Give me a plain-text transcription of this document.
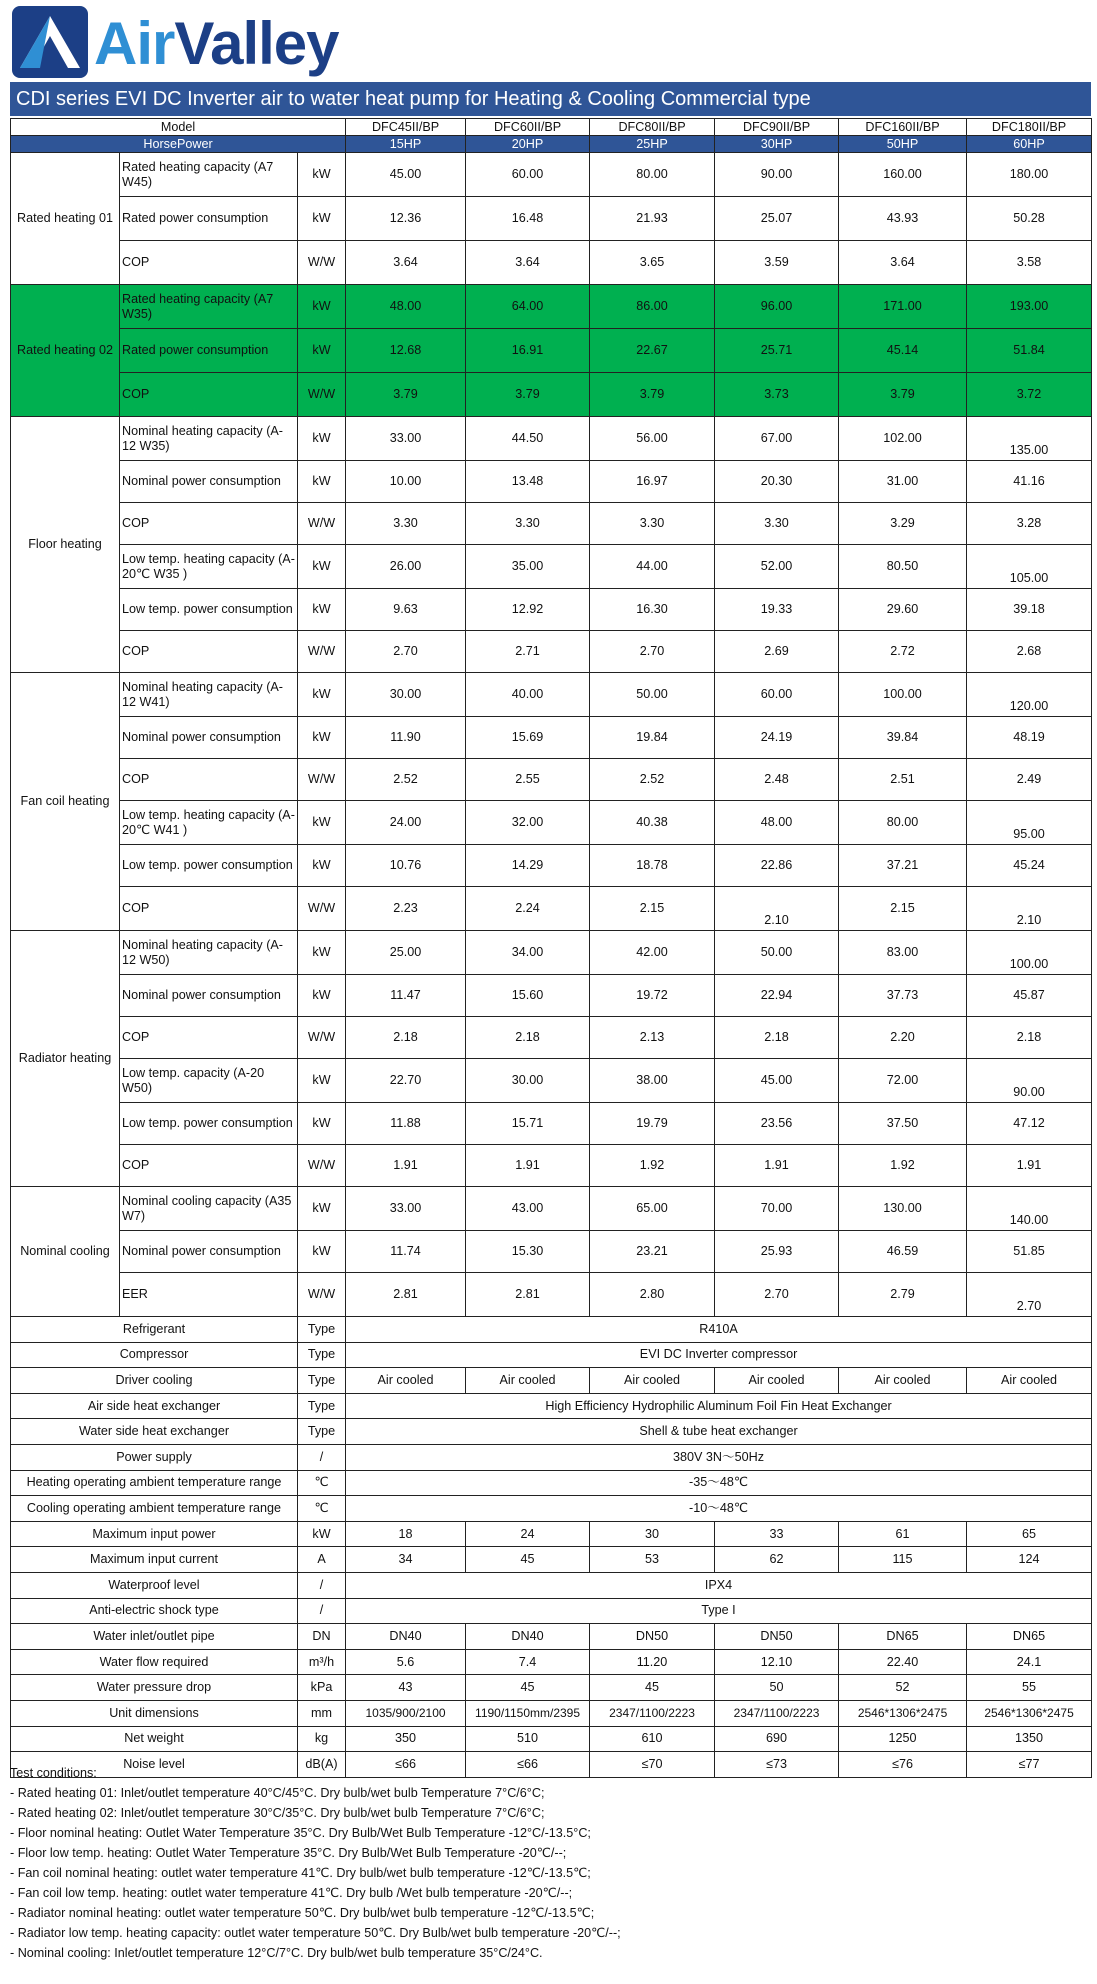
AirValley
CDI series EVI DC Inverter air to water heat pump for Heating & Cooling Commercial type
Model			DFC45II/BP	DFC60II/BP	DFC80II/BP	DFC90II/BP	DFC160II/BP	DFC180II/BP
HorsePower			15HP	20HP	25HP	30HP	50HP	60HP
Rated heating 01	Rated heating capacity (A7 W45)	kW	45.00	60.00	80.00	90.00	160.00	180.00
	Rated power consumption	kW	12.36	16.48	21.93	25.07	43.93	50.28
	COP	W/W	3.64	3.64	3.65	3.59	3.64	3.58
Rated heating 02	Rated heating capacity (A7 W35)	kW	48.00	64.00	86.00	96.00	171.00	193.00
	Rated power consumption	kW	12.68	16.91	22.67	25.71	45.14	51.84
	COP	W/W	3.79	3.79	3.79	3.73	3.79	3.72
Floor heating	Nominal heating capacity (A-12 W35)	kW	33.00	44.50	56.00	67.00	102.00	135.00
	Nominal power consumption	kW	10.00	13.48	16.97	20.30	31.00	41.16
	COP	W/W	3.30	3.30	3.30	3.30	3.29	3.28
	Low temp. heating capacity (A-20℃ W35 )	kW	26.00	35.00	44.00	52.00	80.50	105.00
	Low temp. power consumption	kW	9.63	12.92	16.30	19.33	29.60	39.18
	COP	W/W	2.70	2.71	2.70	2.69	2.72	2.68
Fan coil heating	Nominal heating capacity (A-12 W41)	kW	30.00	40.00	50.00	60.00	100.00	120.00
	Nominal power consumption	kW	11.90	15.69	19.84	24.19	39.84	48.19
	COP	W/W	2.52	2.55	2.52	2.48	2.51	2.49
	Low temp. heating capacity (A-20℃ W41 )	kW	24.00	32.00	40.38	48.00	80.00	95.00
	Low temp. power consumption	kW	10.76	14.29	18.78	22.86	37.21	45.24
	COP	W/W	2.23	2.24	2.15	2.10	2.15	2.10
Radiator heating	Nominal heating capacity (A-12 W50)	kW	25.00	34.00	42.00	50.00	83.00	100.00
	Nominal power consumption	kW	11.47	15.60	19.72	22.94	37.73	45.87
	COP	W/W	2.18	2.18	2.13	2.18	2.20	2.18
	Low temp. capacity (A-20 W50)	kW	22.70	30.00	38.00	45.00	72.00	90.00
	Low temp. power consumption	kW	11.88	15.71	19.79	23.56	37.50	47.12
	COP	W/W	1.91	1.91	1.92	1.91	1.92	1.91
Nominal cooling	Nominal cooling capacity (A35 W7)	kW	33.00	43.00	65.00	70.00	130.00	140.00
	Nominal power consumption	kW	11.74	15.30	23.21	25.93	46.59	51.85
	EER	W/W	2.81	2.81	2.80	2.70	2.79	2.70
Refrigerant		Type	R410A					
Compressor		Type	EVI DC Inverter compressor					
Driver cooling		Type	Air cooled	Air cooled	Air cooled	Air cooled	Air cooled	Air cooled
Air side heat exchanger		Type	High Efficiency Hydrophilic Aluminum Foil Fin Heat Exchanger					
Water side heat exchanger		Type	Shell & tube heat exchanger					
Power supply		/	380V 3N～50Hz					
Heating operating ambient temperature range		℃	-35～48℃					
Cooling operating ambient temperature range		℃	-10～48℃					
Maximum input power		kW	18	24	30	33	61	65
Maximum input current		A	34	45	53	62	115	124
Waterproof level		/	IPX4					
Anti-electric shock type		/	Type I					
Water inlet/outlet pipe		DN	DN40	DN40	DN50	DN50	DN65	DN65
Water flow required		m³/h	5.6	7.4	11.20	12.10	22.40	24.1
Water pressure drop		kPa	43	45	45	50	52	55
Unit dimensions		mm	1035/900/2100	1190/1150mm/2395	2347/1100/2223	2347/1100/2223	2546*1306*2475	2546*1306*2475
Net weight		kg	350	510	610	690	1250	1350
Noise level		dB(A)	≤66	≤66	≤70	≤73	≤76	≤77
Test conditions:
- Rated heating 01: Inlet/outlet temperature 40°C/45°C. Dry bulb/wet bulb Temperature 7°C/6°C;
- Rated heating 02: Inlet/outlet temperature 30°C/35°C. Dry bulb/wet bulb Temperature 7°C/6°C;
- Floor nominal heating: Outlet Water Temperature 35°C. Dry Bulb/Wet Bulb Temperature -12°C/-13.5°C;
- Floor low temp. heating: Outlet Water Temperature 35°C. Dry Bulb/Wet Bulb Temperature -20℃/--;
- Fan coil nominal heating: outlet water temperature 41℃. Dry bulb/wet bulb temperature -12℃/-13.5℃;
- Fan coil low temp. heating: outlet water temperature 41℃. Dry bulb /Wet bulb temperature -20℃/--;
- Radiator nominal heating: outlet water temperature 50℃. Dry bulb/wet bulb temperature -12℃/-13.5℃;
- Radiator low temp. heating capacity: outlet water temperature 50℃. Dry Bulb/wet bulb temperature -20℃/--;
- Nominal cooling: Inlet/outlet temperature 12°C/7°C. Dry bulb/wet bulb temperature 35°C/24°C.
